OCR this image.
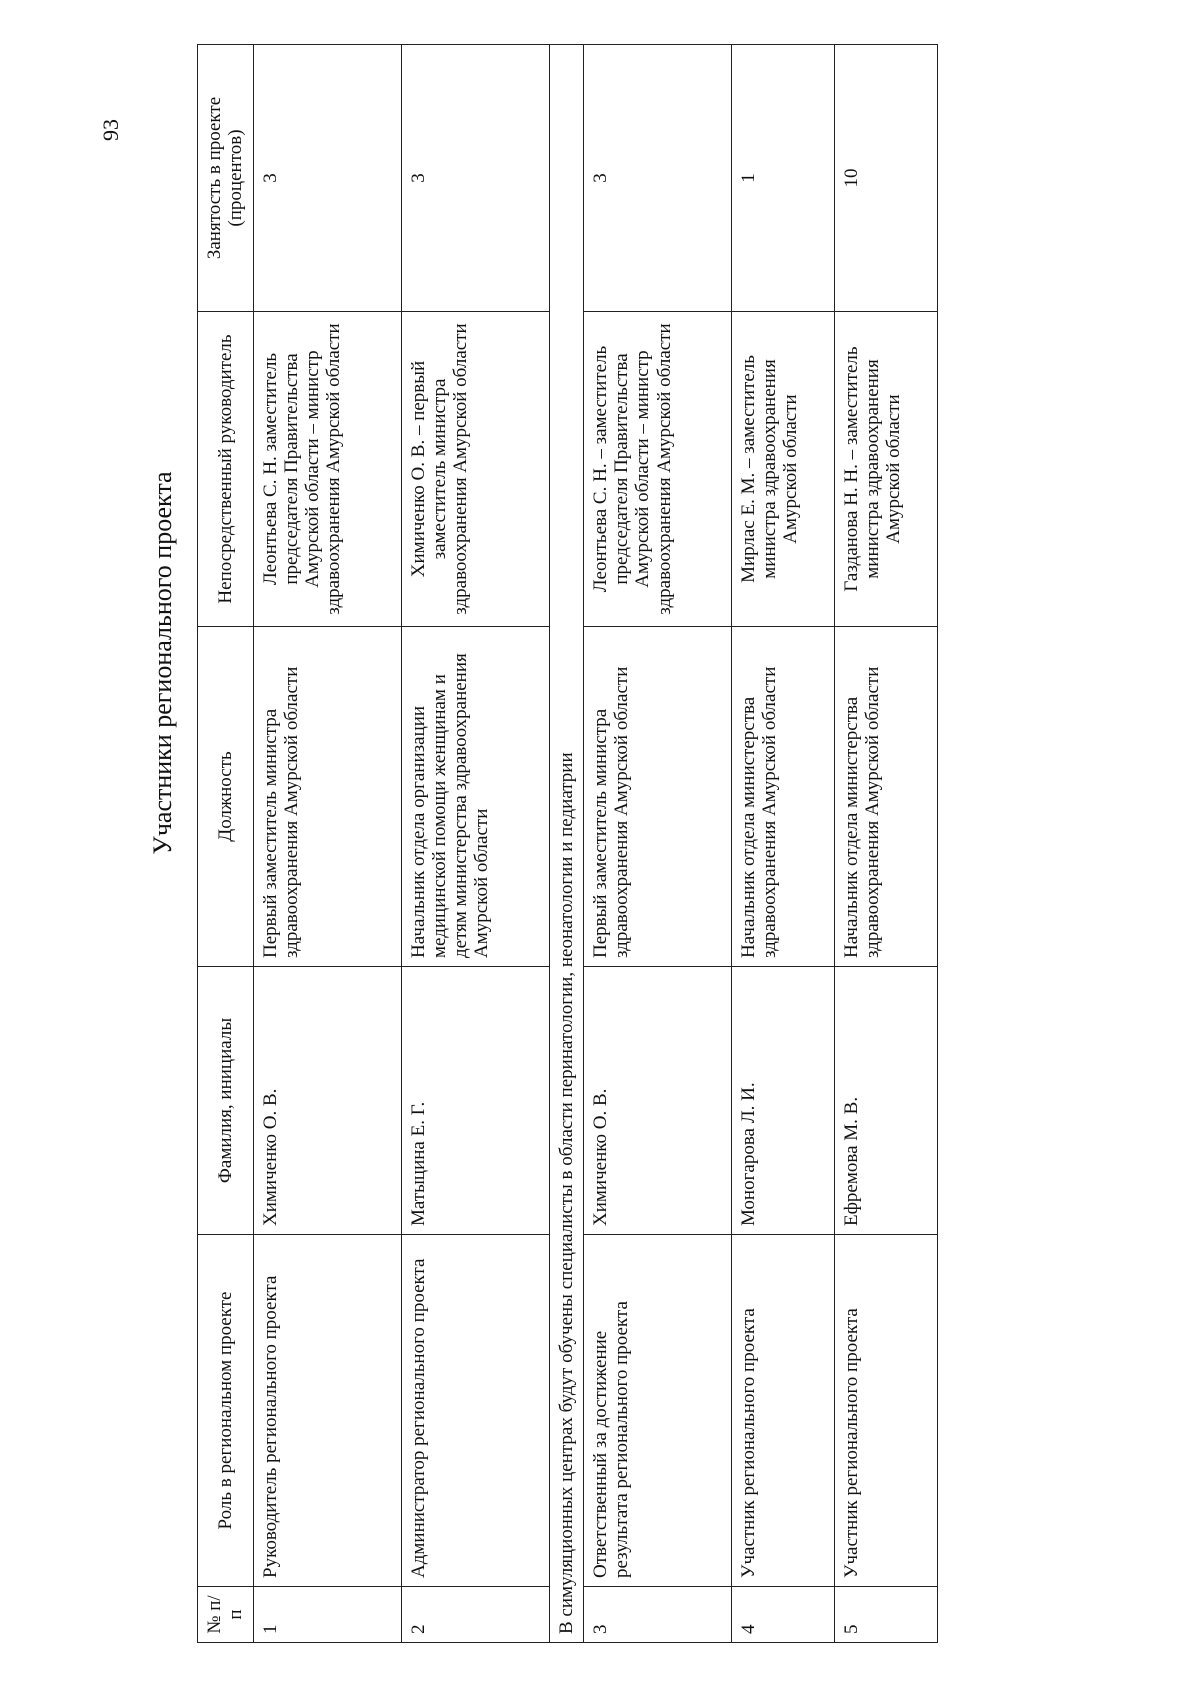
93
Участники регионального проекта
№ п/п	Роль в региональном проекте	Фамилия, инициалы	Должность	Непосредственный руководитель	Занятость в проекте (процентов)
1	Руководитель регионального проекта	Химиченко О. В.	Первый заместитель министра здравоохранения Амурской области	Леонтьева С. Н. заместитель председателя Правительства Амурской области – министр здравоохранения Амурской области	3
2	Администратор регионального проекта	Матыцина Е. Г.	Начальник отдела организации медицинской помощи женщинам и детям министерства здравоохранения Амурской области	Химиченко О. В. – первый заместитель министра здравоохранения Амурской области	3
В симуляционных центрах будут обучены специалисты в области перинатологии, неонатологии и педиатрии					
3	Ответственный за достижение результата регионального проекта	Химиченко О. В.	Первый заместитель министра здравоохранения Амурской области	Леонтьева С. Н. – заместитель председателя Правительства Амурской области – министр здравоохранения Амурской области	3
4	Участник регионального проекта	Моногарова Л. И.	Начальник отдела министерства здравоохранения Амурской области	Мирлас Е. М. – заместитель министра здравоохранения Амурской области	1
5	Участник регионального проекта	Ефремова М. В.	Начальник отдела министерства здравоохранения Амурской области	Газданова Н. Н. – заместитель министра здравоохранения Амурской области	10
